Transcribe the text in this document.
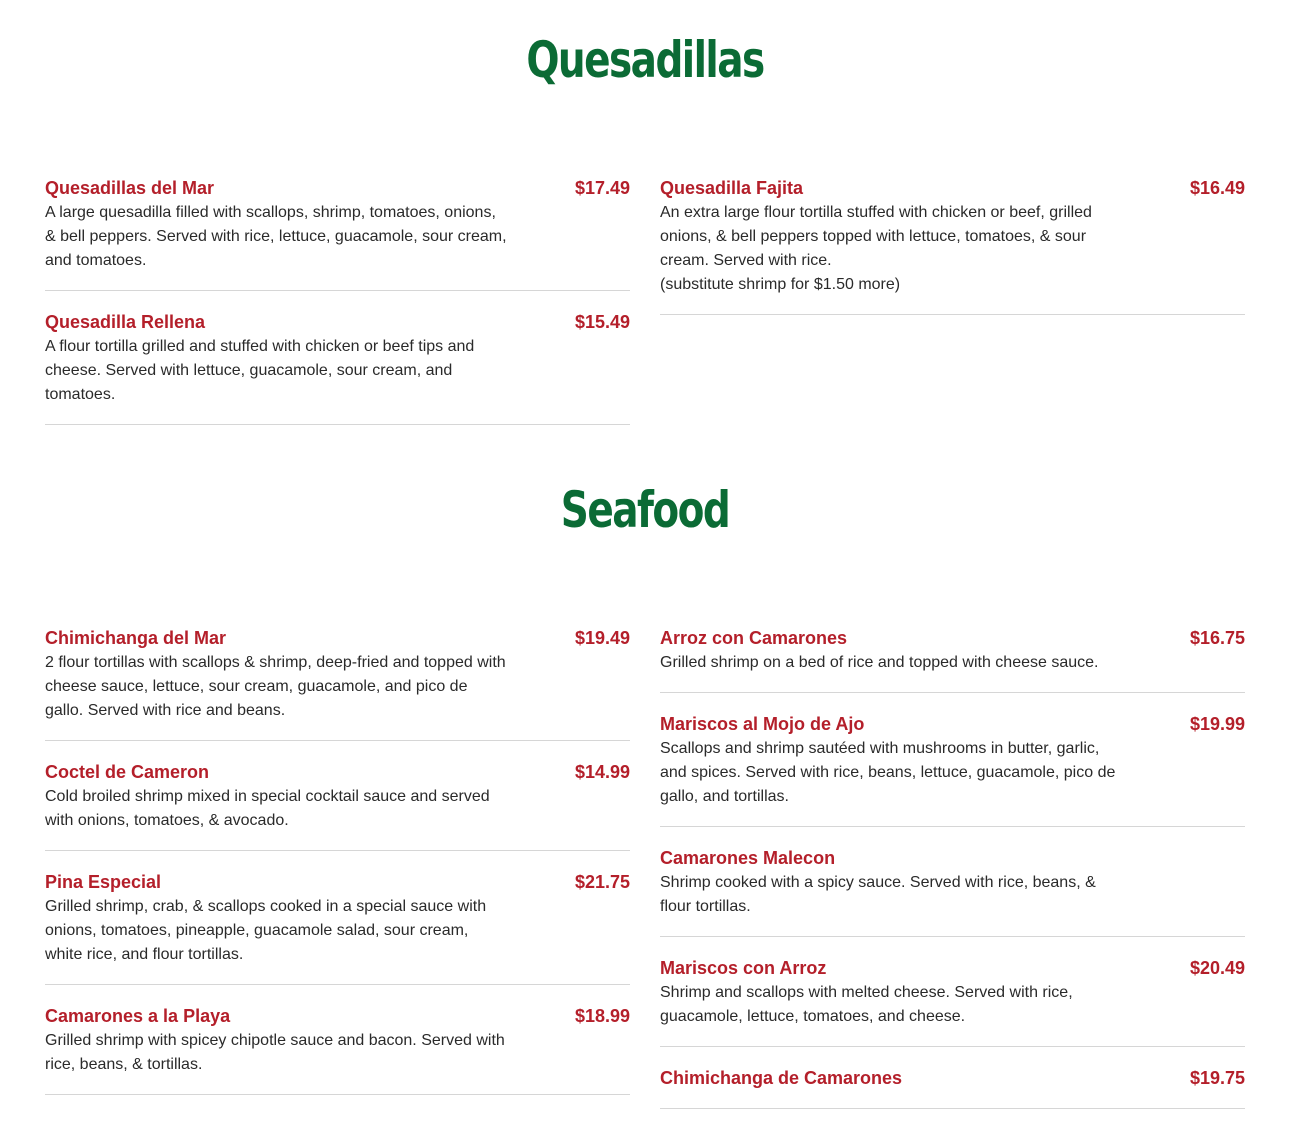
Quesadillas
Quesadillas del Mar	$17.49
A large quesadilla filled with scallops, shrimp, tomatoes, onions, & bell peppers. Served with rice, lettuce, guacamole, sour cream, and tomatoes.
Quesadilla Rellena	$15.49
A flour tortilla grilled and stuffed with chicken or beef tips and cheese. Served with lettuce, guacamole, sour cream, and tomatoes.
Quesadilla Fajita	$16.49
An extra large flour tortilla stuffed with chicken or beef, grilled onions, & bell peppers topped with lettuce, tomatoes, & sour cream. Served with rice.
(substitute shrimp for $1.50 more)
Seafood
Chimichanga del Mar	$19.49
2 flour tortillas with scallops & shrimp, deep-fried and topped with cheese sauce, lettuce, sour cream, guacamole, and pico de gallo. Served with rice and beans.
Coctel de Cameron	$14.99
Cold broiled shrimp mixed in special cocktail sauce and served with onions, tomatoes, & avocado.
Pina Especial	$21.75
Grilled shrimp, crab, & scallops cooked in a special sauce with onions, tomatoes, pineapple, guacamole salad, sour cream, white rice, and flour tortillas.
Camarones a la Playa	$18.99
Grilled shrimp with spicey chipotle sauce and bacon. Served with rice, beans, & tortillas.
Arroz con Camarones	$16.75
Grilled shrimp on a bed of rice and topped with cheese sauce.
Mariscos al Mojo de Ajo	$19.99
Scallops and shrimp sautéed with mushrooms in butter, garlic, and spices. Served with rice, beans, lettuce, guacamole, pico de gallo, and tortillas.
Camarones Malecon
Shrimp cooked with a spicy sauce. Served with rice, beans, & flour tortillas.
Mariscos con Arroz	$20.49
Shrimp and scallops with melted cheese. Served with rice, guacamole, lettuce, tomatoes, and cheese.
Chimichanga de Camarones	$19.75
